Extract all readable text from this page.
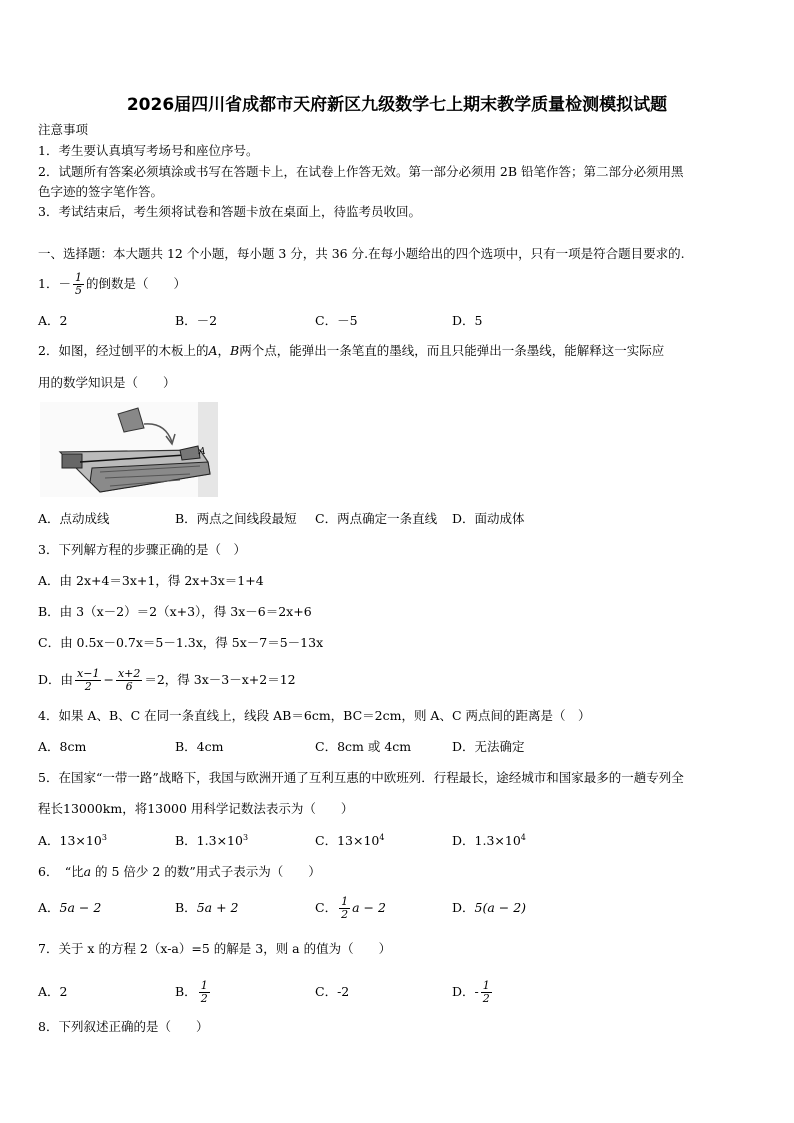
2026届四川省成都市天府新区九级数学七上期末教学质量检测模拟试题
注意事项
1．考生要认真填写考场号和座位序号。
2．试题所有答案必须填涂或书写在答题卡上，在试卷上作答无效。第一部分必须用 2B 铅笔作答；第二部分必须用黑
色字迹的签字笔作答。
3．考试结束后，考生须将试卷和答题卡放在桌面上，待监考员收回。
一、选择题：本大题共 12 个小题，每小题 3 分，共 36 分.在每小题给出的四个选项中，只有一项是符合题目要求的.
1．－ $\frac{1}{5}$ 的倒数是（　　）
A．2	B．－2	C．－5	D．5
2．如图，经过刨平的木板上的A，B两个点，能弹出一条笔直的墨线，而且只能弹出一条墨线，能解释这一实际应
用的数学知识是（　　）
A
A．点动成线	B．两点之间线段最短 C．两点确定一条直线 D．面动成体
3．下列解方程的步骤正确的是（　）
A．由 2x+4＝3x+1，得 2x+3x＝1+4
B．由 3（x－2）＝2（x+3），得 3x－6＝2x+6
C．由 0.5x－0.7x＝5－1.3x，得 5x－7＝5－13x
D．由 $\frac{x-1}{2} - \frac{x+2}{6} =2$，得 3x－3－x+2＝12
4．如果 A、B、C 在同一条直线上，线段 AB＝6cm，BC＝2cm，则 A、C 两点间的距离是（　）
A．8cm	B．4cm	C．8cm 或 4cm	D．无法确定
5．在国家“一带一路”战略下，我国与欧洲开通了互利互惠的中欧班列．行程最长，途经城市和国家最多的一趟专列全
程长13000km，将13000 用科学记数法表示为（　　）
A．$13\times 10^3$	B．$1.3\times 10^3$	C．$13\times 10^4$	D．$1.3\times 10^4$
6．　“比a 的 5 倍少 2 的数”用式子表示为（　　）
A．5a − 2	B．5a + 2	C． $\frac{1}{2}$ a − 2	D．5(a − 2)
7．关于 x 的方程 2（x-a）=5 的解是 3，则 a 的值为（　　）
A．2	B． $\frac{1}{2}$	C．-2	D．- $\frac{1}{2}$
8．下列叙述正确的是（　　）
